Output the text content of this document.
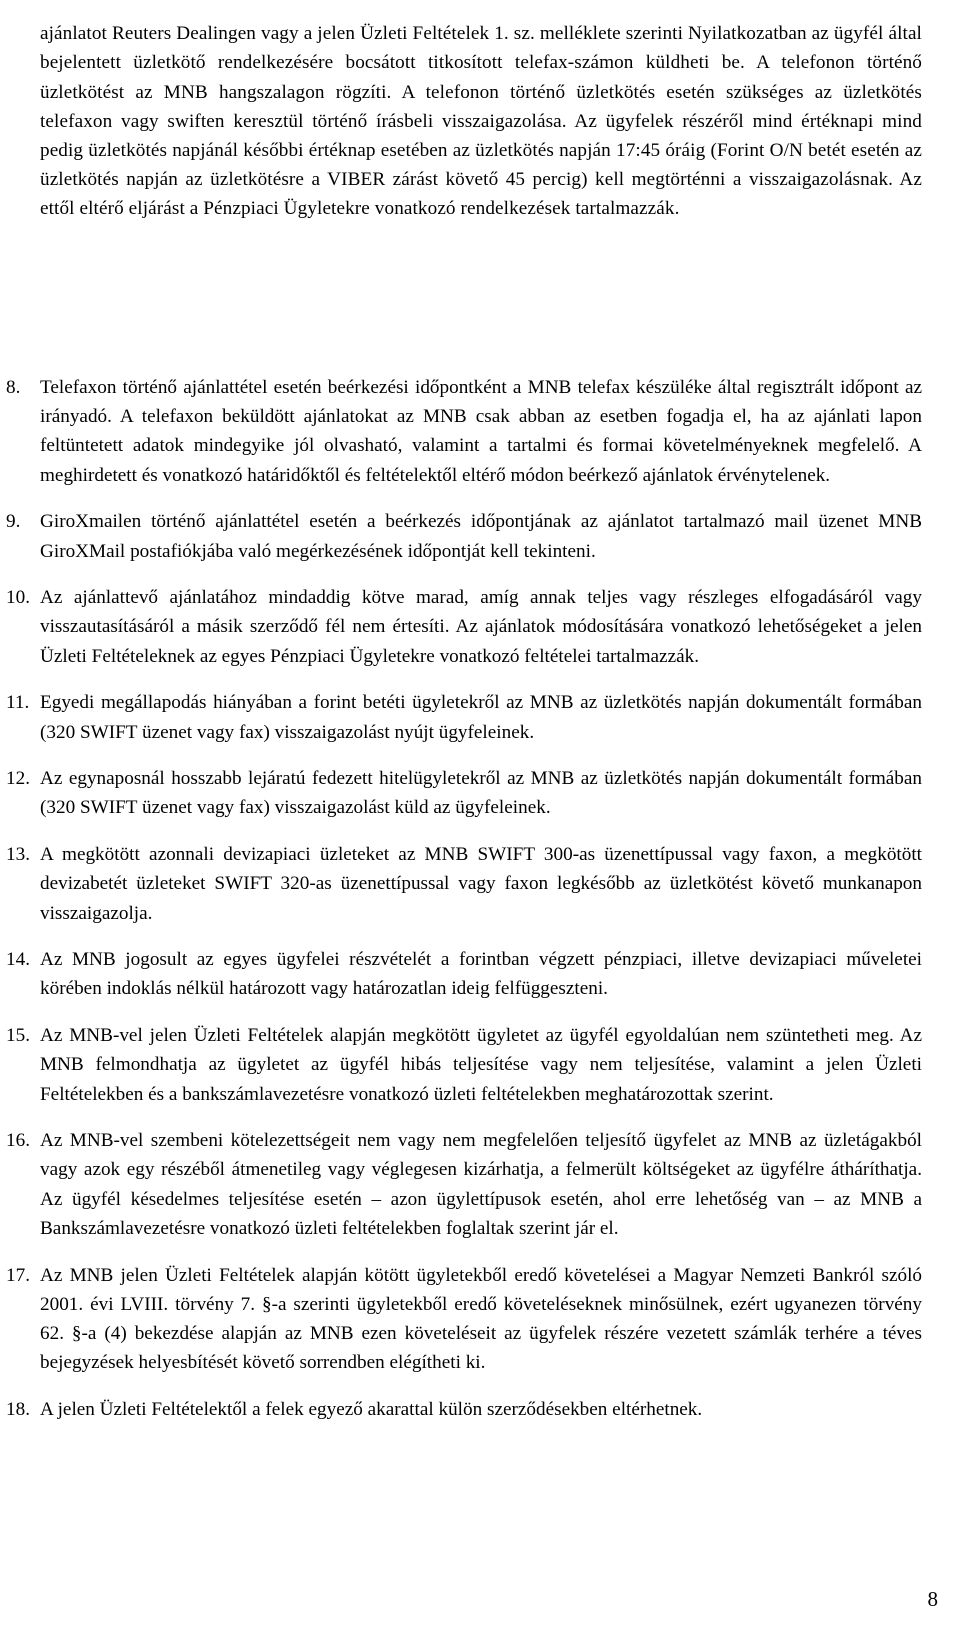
ajánlatot Reuters Dealingen vagy a jelen Üzleti Feltételek 1. sz. melléklete szerinti Nyilatkozatban az ügyfél által bejelentett üzletkötő rendelkezésére bocsátott titkosított telefax-számon küldheti be. A telefonon történő üzletkötést az MNB hangszalagon rögzíti. A telefonon történő üzletkötés esetén szükséges az üzletkötés telefaxon vagy swiften keresztül történő írásbeli visszaigazolása. Az ügyfelek részéről mind értéknapi mind pedig üzletkötés napjánál későbbi értéknap esetében az üzletkötés napján 17:45 óráig (Forint O/N betét esetén az üzletkötés napján az üzletkötésre a VIBER zárást követő 45 percig) kell megtörténni a visszaigazolásnak. Az ettől eltérő eljárást a Pénzpiaci Ügyletekre vonatkozó rendelkezések tartalmazzák.

8.	Telefaxon történő ajánlattétel esetén beérkezési időpontként a MNB telefax készüléke által regisztrált időpont az irányadó. A telefaxon beküldött ajánlatokat az MNB csak abban az esetben fogadja el, ha az ajánlati lapon feltüntetett adatok mindegyike jól olvasható, valamint a tartalmi és formai követelményeknek megfelelő. A meghirdetett és vonatkozó határidőktől és feltételektől eltérő módon beérkező ajánlatok érvénytelenek.
9.	GiroXmailen történő ajánlattétel esetén a beérkezés időpontjának az ajánlatot tartalmazó mail üzenet MNB GiroXMail postafiókjába való megérkezésének időpontját kell tekinteni.
10. Az ajánlattevő ajánlatához mindaddig kötve marad, amíg annak teljes vagy részleges elfogadásáról vagy visszautasításáról a másik szerződő fél nem értesíti. Az ajánlatok módosítására vonatkozó lehetőségeket a jelen Üzleti Feltételeknek az egyes Pénzpiaci Ügyletekre vonatkozó feltételei tartalmazzák.
11. Egyedi megállapodás hiányában a forint betéti ügyletekről az MNB az üzletkötés napján dokumentált formában (320 SWIFT üzenet vagy fax) visszaigazolást nyújt ügyfeleinek.
12. Az egynaposnál hosszabb lejáratú fedezett hitelügyletekről az MNB az üzletkötés napján dokumentált formában (320 SWIFT üzenet vagy fax) visszaigazolást küld az ügyfeleinek.
13. A megkötött azonnali devizapiaci üzleteket az MNB SWIFT 300-as üzenettípussal vagy faxon, a megkötött devizabetét üzleteket SWIFT 320-as üzenettípussal vagy faxon legkésőbb az üzletkötést követő munkanapon visszaigazolja.
14. Az MNB jogosult az egyes ügyfelei részvételét a forintban végzett pénzpiaci, illetve devizapiaci műveletei körében indoklás nélkül határozott vagy határozatlan ideig felfüggeszteni.
15. Az MNB-vel jelen Üzleti Feltételek alapján megkötött ügyletet az ügyfél egyoldalúan nem szüntetheti meg. Az MNB felmondhatja az ügyletet az ügyfél hibás teljesítése vagy nem teljesítése, valamint a jelen Üzleti Feltételekben és a bankszámlavezetésre vonatkozó üzleti feltételekben meghatározottak szerint.
16. Az MNB-vel szembeni kötelezettségeit nem vagy nem megfelelően teljesítő ügyfelet az MNB az üzletágakból vagy azok egy részéből átmenetileg vagy véglegesen kizárhatja, a felmerült költségeket az ügyfélre átháríthatja. Az ügyfél késedelmes teljesítése esetén – azon ügylettípusok esetén, ahol erre lehetőség van – az MNB a Bankszámlavezetésre vonatkozó üzleti feltételekben foglaltak szerint jár el.
17. Az MNB jelen Üzleti Feltételek alapján kötött ügyletekből eredő követelései a Magyar Nemzeti Bankról szóló 2001. évi LVIII. törvény 7. §-a szerinti ügyletekből eredő követeléseknek minősülnek, ezért ugyanezen törvény 62. §-a (4) bekezdése alapján az MNB ezen követeléseit az ügyfelek részére vezetett számlák terhére a téves bejegyzések helyesbítését követő sorrendben elégítheti ki.
18. A jelen Üzleti Feltételektől a felek egyező akarattal külön szerződésekben eltérhetnek.
8
